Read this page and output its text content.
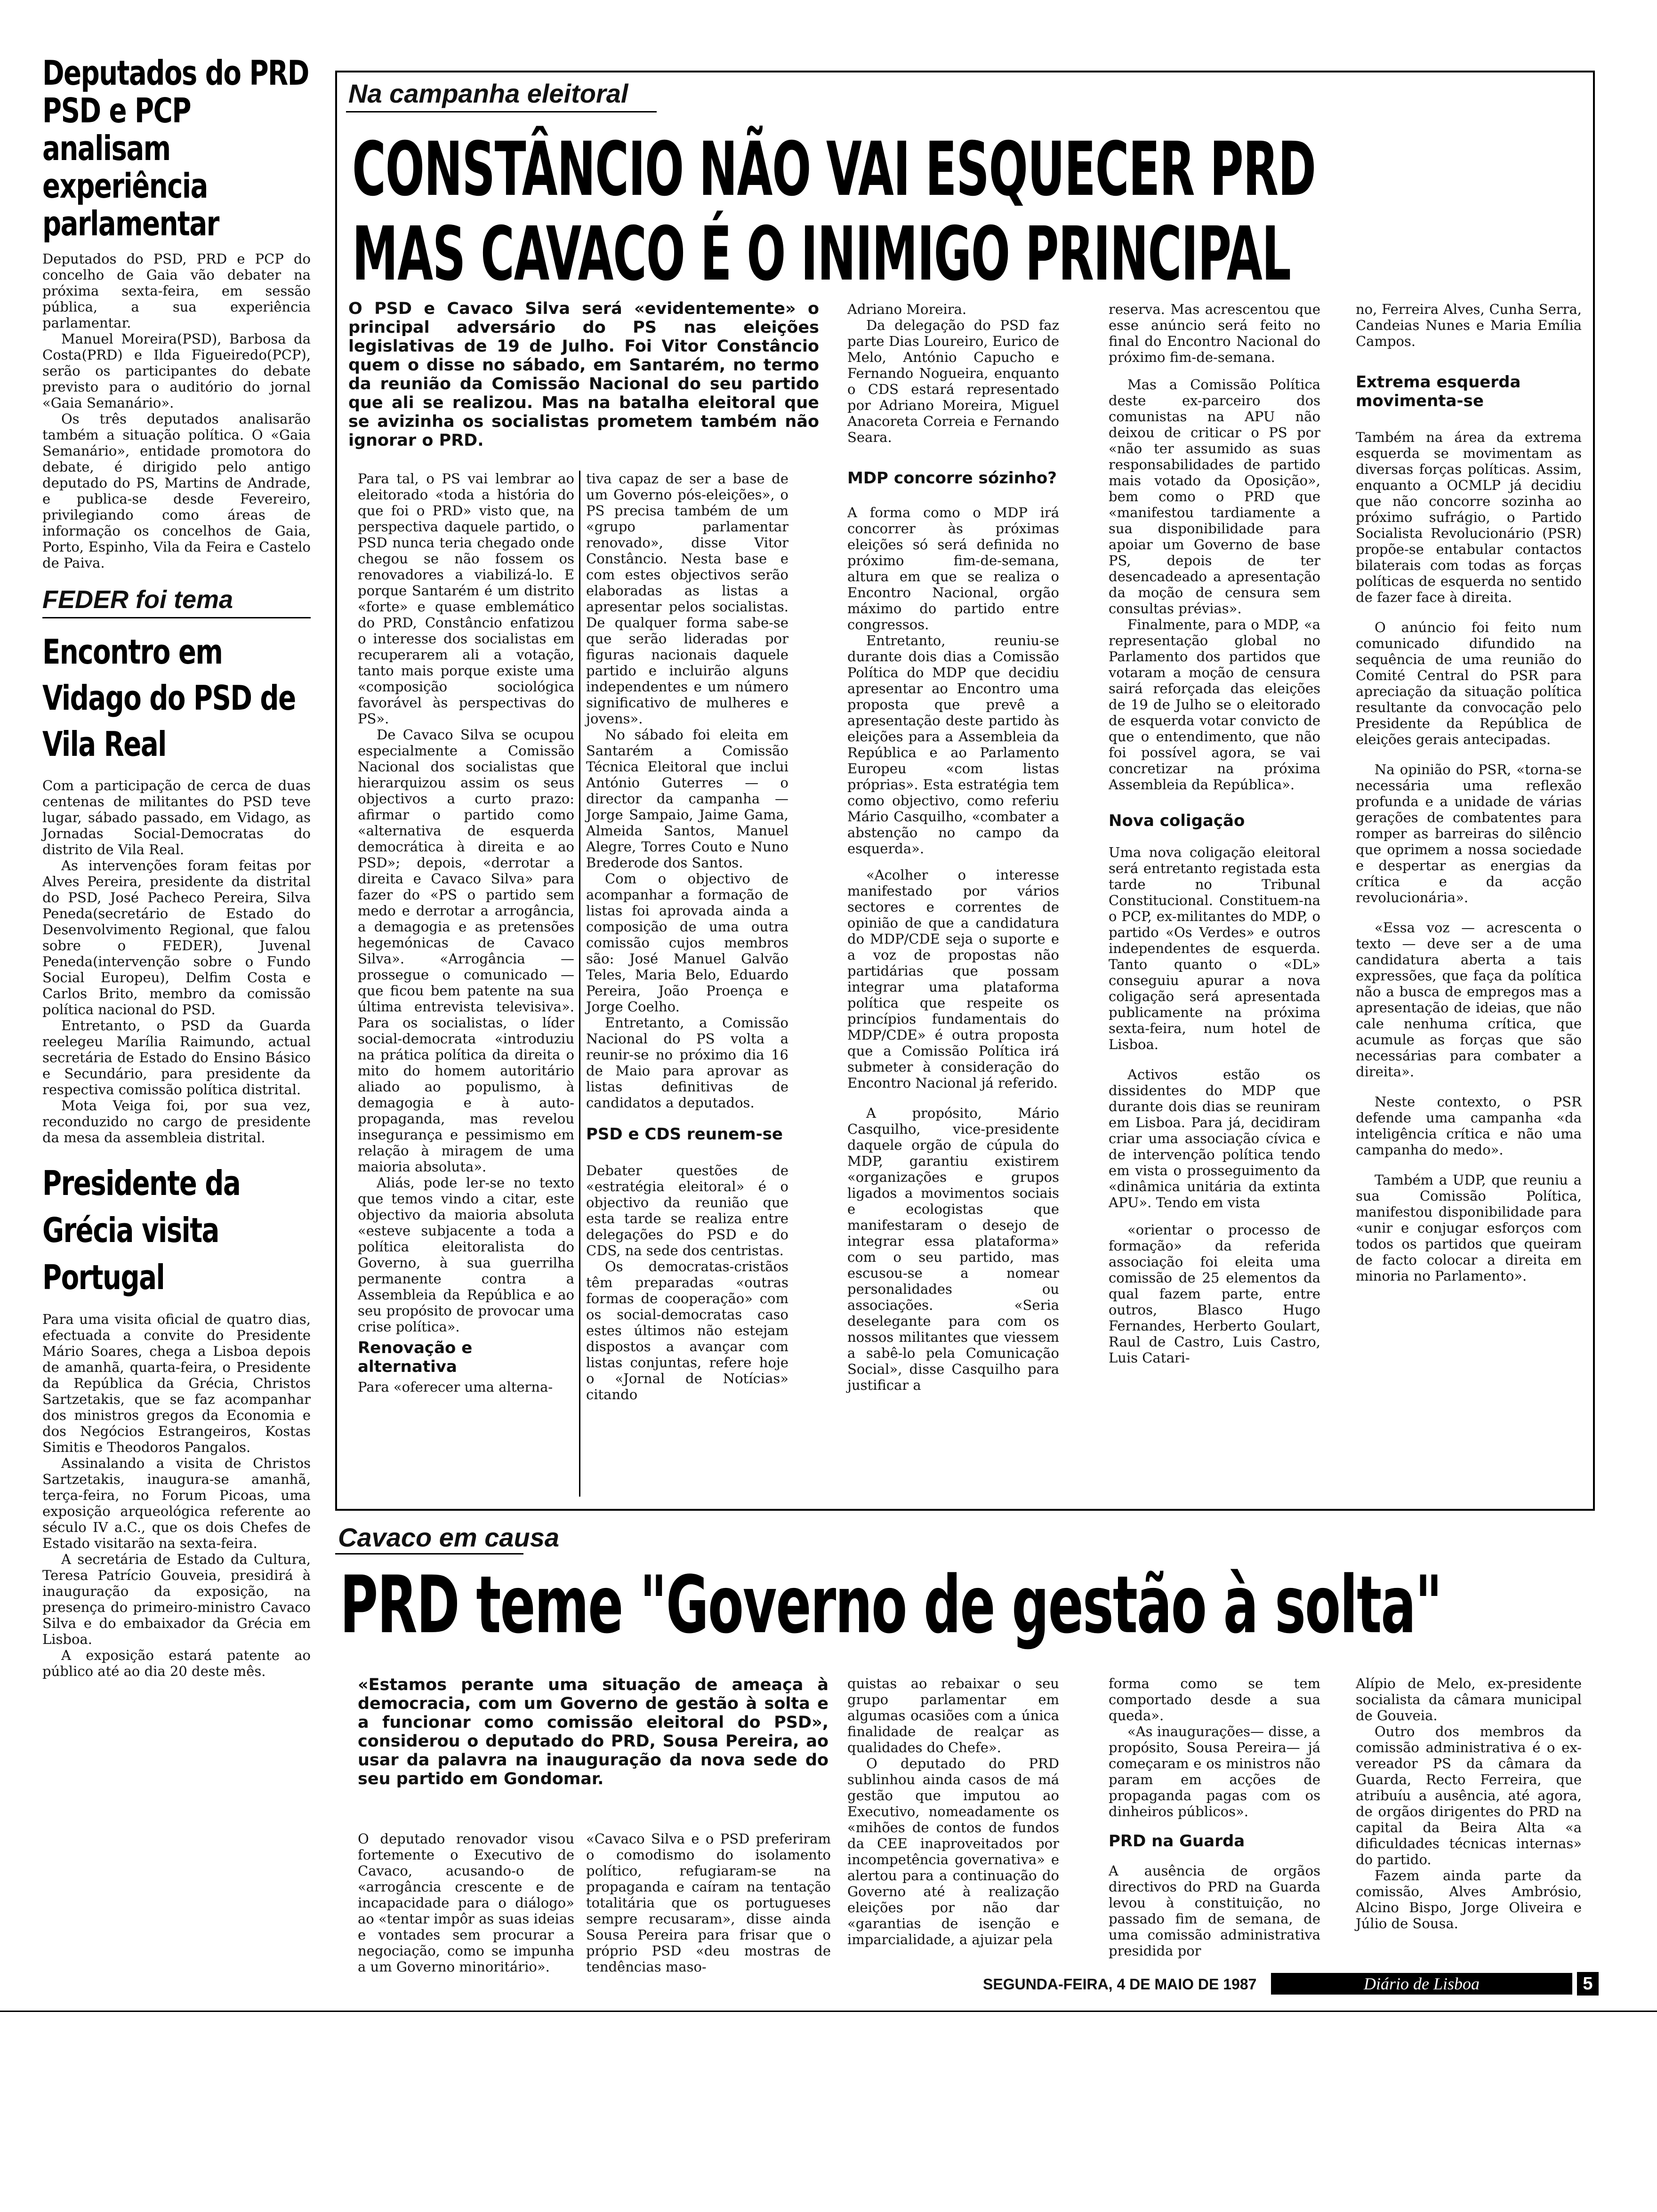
Deputados do PRD PSD e PCP analisam experiência parlamentar

Deputados do PSD, PRD e PCP do concelho de Gaia vão debater na próxima sexta-feira, em sessão pública, a sua experiência parlamentar.

Manuel Moreira(PSD), Barbosa da Costa(PRD) e Ilda Figueiredo(PCP), serão os participantes do debate previsto para o auditório do jornal «Gaia Semanário».

Os três deputados analisarão também a situação política. O «Gaia Semanário», entidade promotora do debate, é dirigido pelo antigo deputado do PS, Martins de Andrade, e publica-se desde Fevereiro, privilegiando como áreas de informação os concelhos de Gaia, Porto, Espinho, Vila da Feira e Castelo de Paiva.

FEDER foi tema
Encontro em Vidago do PSD de Vila Real

Com a participação de cerca de duas centenas de militantes do PSD teve lugar, sábado passado, em Vidago, as Jornadas Social-Democratas do distrito de Vila Real.

As intervenções foram feitas por Alves Pereira, presidente da distrital do PSD, José Pacheco Pereira, Silva Peneda(secretário de Estado do Desenvolvimento Regional, que falou sobre o FEDER), Juvenal Peneda(intervenção sobre o Fundo Social Europeu), Delfim Costa e Carlos Brito, membro da comissão política nacional do PSD.

Entretanto, o PSD da Guarda reelegeu Marília Raimundo, actual secretária de Estado do Ensino Básico e Secundário, para presidente da respectiva comissão política distrital.

Mota Veiga foi, por sua vez, reconduzido no cargo de presidente da mesa da assembleia distrital.

Presidente da Grécia visita Portugal

Para uma visita oficial de quatro dias, efectuada a convite do Presidente Mário Soares, chega a Lisboa depois de amanhã, quarta-feira, o Presidente da República da Grécia, Christos Sartzetakis, que se faz acompanhar dos ministros gregos da Economia e dos Negócios Estrangeiros, Kostas Simitis e Theodoros Pangalos.

Assinalando a visita de Christos Sartzetakis, inaugura-se amanhã, terça-feira, no Forum Picoas, uma exposição arqueológica referente ao século IV a.C., que os dois Chefes de Estado visitarão na sexta-feira.

A secretária de Estado da Cultura, Teresa Patrício Gouveia, presidirá à inauguração da exposição, na presença do primeiro-ministro Cavaco Silva e do embaixador da Grécia em Lisboa.

A exposição estará patente ao público até ao dia 20 deste mês.

Na campanha eleitoral
CONSTÂNCIO NÃO VAI ESQUECER PRD
MAS CAVACO É O INIMIGO PRINCIPAL

O PSD e Cavaco Silva será «evidentemente» o principal adversário do PS nas eleições legislativas de 19 de Julho. Foi Vitor Constâncio quem o disse no sábado, em Santarém, no termo da reunião da Comissão Nacional do seu partido que ali se realizou. Mas na batalha eleitoral que se avizinha os socialistas prometem também não ignorar o PRD.

Para tal, o PS vai lembrar ao eleitorado «toda a história do que foi o PRD» visto que, na perspectiva daquele partido, o PSD nunca teria chegado onde chegou se não fossem os renovadores a viabilizá-lo. E porque Santarém é um distrito «forte» e quase emblemático do PRD, Constâncio enfatizou o interesse dos socialistas em recuperarem ali a votação, tanto mais porque existe uma «composição sociológica favorável às perspectivas do PS».

De Cavaco Silva se ocupou especialmente a Comissão Nacional dos socialistas que hierarquizou assim os seus objectivos a curto prazo: afirmar o partido como «alternativa de esquerda democrática à direita e ao PSD»; depois, «derrotar a direita e Cavaco Silva» para fazer do «PS o partido sem medo e derrotar a arrogância, a demagogia e as pretensões hegemónicas de Cavaco Silva». «Arrogância — prossegue o comunicado — que ficou bem patente na sua última entrevista televisiva». Para os socialistas, o líder social-democrata «introduziu na prática política da direita o mito do homem autoritário aliado ao populismo, à demagogia e à auto-propaganda, mas revelou insegurança e pessimismo em relação à miragem de uma maioria absoluta».

Aliás, pode ler-se no texto que temos vindo a citar, este objectivo da maioria absoluta «esteve subjacente a toda a política eleitoralista do Governo, à sua guerrilha permanente contra a Assembleia da República e ao seu propósito de provocar uma crise política».

Renovação e alternativa

Para «oferecer uma alterna-

tiva capaz de ser a base de um Governo pós-eleições», o PS precisa também de um «grupo parlamentar renovado», disse Vitor Constâncio. Nesta base e com estes objectivos serão elaboradas as listas a apresentar pelos socialistas. De qualquer forma sabe-se que serão lideradas por figuras nacionais daquele partido e incluirão alguns independentes e um número significativo de mulheres e jovens».

No sábado foi eleita em Santarém a Comissão Técnica Eleitoral que inclui António Guterres — o director da campanha — Jorge Sampaio, Jaime Gama, Almeida Santos, Manuel Alegre, Torres Couto e Nuno Brederode dos Santos.

Com o objectivo de acompanhar a formação de listas foi aprovada ainda a composição de uma outra comissão cujos membros são: José Manuel Galvão Teles, Maria Belo, Eduardo Pereira, João Proença e Jorge Coelho.

Entretanto, a Comissão Nacional do PS volta a reunir-se no próximo dia 16 de Maio para aprovar as listas definitivas de candidatos a deputados.

PSD e CDS reunem-se

Debater questões de «estratégia eleitoral» é o objectivo da reunião que esta tarde se realiza entre delegações do PSD e do CDS, na sede dos centristas.

Os democratas-cristãos têm preparadas «outras formas de cooperação» com os social-democratas caso estes últimos não estejam dispostos a avançar com listas conjuntas, refere hoje o «Jornal de Notícias» citando

Adriano Moreira.

Da delegação do PSD faz parte Dias Loureiro, Eurico de Melo, António Capucho e Fernando Nogueira, enquanto o CDS estará representado por Adriano Moreira, Miguel Anacoreta Correia e Fernando Seara.

MDP concorre sózinho?

A forma como o MDP irá concorrer às próximas eleições só será definida no próximo fim-de-semana, altura em que se realiza o Encontro Nacional, orgão máximo do partido entre congressos.

Entretanto, reuniu-se durante dois dias a Comissão Política do MDP que decidiu apresentar ao Encontro uma proposta que prevê a apresentação deste partido às eleições para a Assembleia da República e ao Parlamento Europeu «com listas próprias». Esta estratégia tem como objectivo, como referiu Mário Casquilho, «combater a abstenção no campo da esquerda».

«Acolher o interesse manifestado por vários sectores e correntes de opinião de que a candidatura do MDP/CDE seja o suporte e a voz de propostas não partidárias que possam integrar uma plataforma política que respeite os princípios fundamentais do MDP/CDE» é outra proposta que a Comissão Política irá submeter à consideração do Encontro Nacional já referido.

A propósito, Mário Casquilho, vice-presidente daquele orgão de cúpula do MDP, garantiu existirem «organizações e grupos ligados a movimentos sociais e ecologistas que manifestaram o desejo de integrar essa plataforma» com o seu partido, mas escusou-se a nomear personalidades ou associações. «Seria deselegante para com os nossos militantes que viessem a sabê-lo pela Comunicação Social», disse Casquilho para justificar a

reserva. Mas acrescentou que esse anúncio será feito no final do Encontro Nacional do próximo fim-de-semana.

Mas a Comissão Política deste ex-parceiro dos comunistas na APU não deixou de criticar o PS por «não ter assumido as suas responsabilidades de partido mais votado da Oposição», bem como o PRD que «manifestou tardiamente a sua disponibilidade para apoiar um Governo de base PS, depois de ter desencadeado a apresentação da moção de censura sem consultas prévias».

Finalmente, para o MDP, «a representação global no Parlamento dos partidos que votaram a moção de censura sairá reforçada das eleições de 19 de Julho se o eleitorado de esquerda votar convicto de que o entendimento, que não foi possível agora, se vai concretizar na próxima Assembleia da República».

Nova coligação

Uma nova coligação eleitoral será entretanto registada esta tarde no Tribunal Constitucional. Constituem-na o PCP, ex-militantes do MDP, o partido «Os Verdes» e outros independentes de esquerda. Tanto quanto o «DL» conseguiu apurar a nova coligação será apresentada publicamente na próxima sexta-feira, num hotel de Lisboa.

Activos estão os dissidentes do MDP que durante dois dias se reuniram em Lisboa. Para já, decidiram criar uma associação cívica e de intervenção política tendo em vista o prosseguimento da «dinâmica unitária da extinta APU». Tendo em vista

«orientar o processo de formação» da referida associação foi eleita uma comissão de 25 elementos da qual fazem parte, entre outros, Blasco Hugo Fernandes, Herberto Goulart, Raul de Castro, Luis Castro, Luis Catari-

no, Ferreira Alves, Cunha Serra, Candeias Nunes e Maria Emília Campos.

Extrema esquerda movimenta-se

Também na área da extrema esquerda se movimentam as diversas forças políticas. Assim, enquanto a OCMLP já decidiu que não concorre sozinha ao próximo sufrágio, o Partido Socialista Revolucionário (PSR) propõe-se entabular contactos bilaterais com todas as forças políticas de esquerda no sentido de fazer face à direita.

O anúncio foi feito num comunicado difundido na sequência de uma reunião do Comité Central do PSR para apreciação da situação política resultante da convocação pelo Presidente da República de eleições gerais antecipadas.

Na opinião do PSR, «torna-se necessária uma reflexão profunda e a unidade de várias gerações de combatentes para romper as barreiras do silêncio que oprimem a nossa sociedade e despertar as energias da crítica e da acção revolucionária».

«Essa voz — acrescenta o texto — deve ser a de uma candidatura aberta a tais expressões, que faça da política não a busca de empregos mas a apresentação de ideias, que não cale nenhuma crítica, que acumule as forças que são necessárias para combater a direita».

Neste contexto, o PSR defende uma campanha «da inteligência crítica e não uma campanha do medo».

Também a UDP, que reuniu a sua Comissão Política, manifestou disponibilidade para «unir e conjugar esforços com todos os partidos que queiram de facto colocar a direita em minoria no Parlamento».

Cavaco em causa
PRD teme "Governo de gestão à solta"

«Estamos perante uma situação de ameaça à democracia, com um Governo de gestão à solta e a funcionar como comissão eleitoral do PSD», considerou o deputado do PRD, Sousa Pereira, ao usar da palavra na inauguração da nova sede do seu partido em Gondomar.

O deputado renovador visou fortemente o Executivo de Cavaco, acusando-o de «arrogância crescente e de incapacidade para o diálogo» ao «tentar impôr as suas ideias e vontades sem procurar a negociação, como se impunha a um Governo minoritário».

«Cavaco Silva e o PSD preferiram o comodismo do isolamento político, refugiaram-se na propaganda e caíram na tentação totalitária que os portugueses sempre recusaram», disse ainda Sousa Pereira para frisar que o próprio PSD «deu mostras de tendências maso-

quistas ao rebaixar o seu grupo parlamentar em algumas ocasiões com a única finalidade de realçar as qualidades do Chefe».

O deputado do PRD sublinhou ainda casos de má gestão que imputou ao Executivo, nomeadamente os «mihões de contos de fundos da CEE inaproveitados por incompetência governativa» e alertou para a continuação do Governo até à realização eleições por não dar «garantias de isenção e imparcialidade, a ajuizar pela

forma como se tem comportado desde a sua queda».

«As inaugurações— disse, a propósito, Sousa Pereira— já começaram e os ministros não param em acções de propaganda pagas com os dinheiros públicos».

PRD na Guarda

A ausência de orgãos directivos do PRD na Guarda levou à constituição, no passado fim de semana, de uma comissão administrativa presidida por

Alípio de Melo, ex-presidente socialista da câmara municipal de Gouveia.

Outro dos membros da comissão administrativa é o ex-vereador PS da câmara da Guarda, Recto Ferreira, que atribuíu a ausência, até agora, de orgãos dirigentes do PRD na capital da Beira Alta «a dificuldades técnicas internas» do partido.

Fazem ainda parte da comissão, Alves Ambrósio, Alcino Bispo, Jorge Oliveira e Júlio de Sousa.

SEGUNDA-FEIRA, 4 DE MAIO DE 1987	Diário de Lisboa	5
